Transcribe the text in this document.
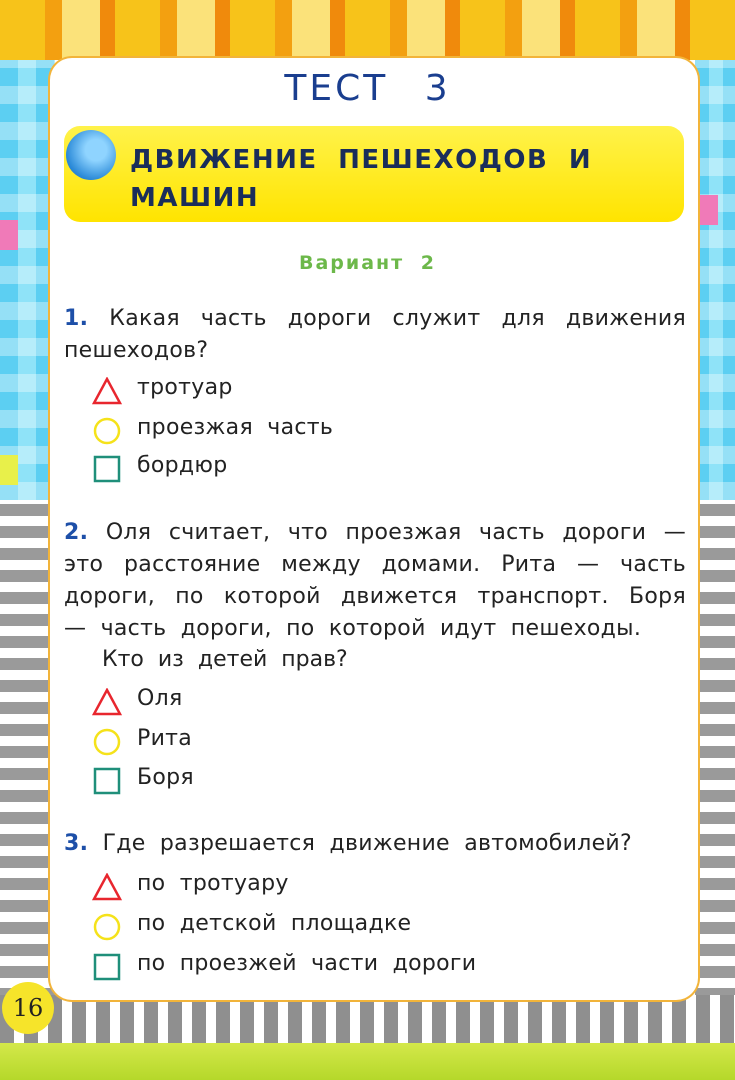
ТЕСТ 3
ДВИЖЕНИЕ ПЕШЕХОДОВ И МАШИН
Вариант 2
1. Какая часть дороги служит для движения пешеходов?
тротуар
проезжая часть
бордюр
2. Оля считает, что проезжая часть дороги — это расстояние между домами. Рита — часть дороги, по которой движется транспорт. Боря — часть дороги, по которой идут пешеходы.
Кто из детей прав?
Оля
Рита
Боря
3. Где разрешается движение автомобилей?
по тротуару
по детской площадке
по проезжей части дороги
16
